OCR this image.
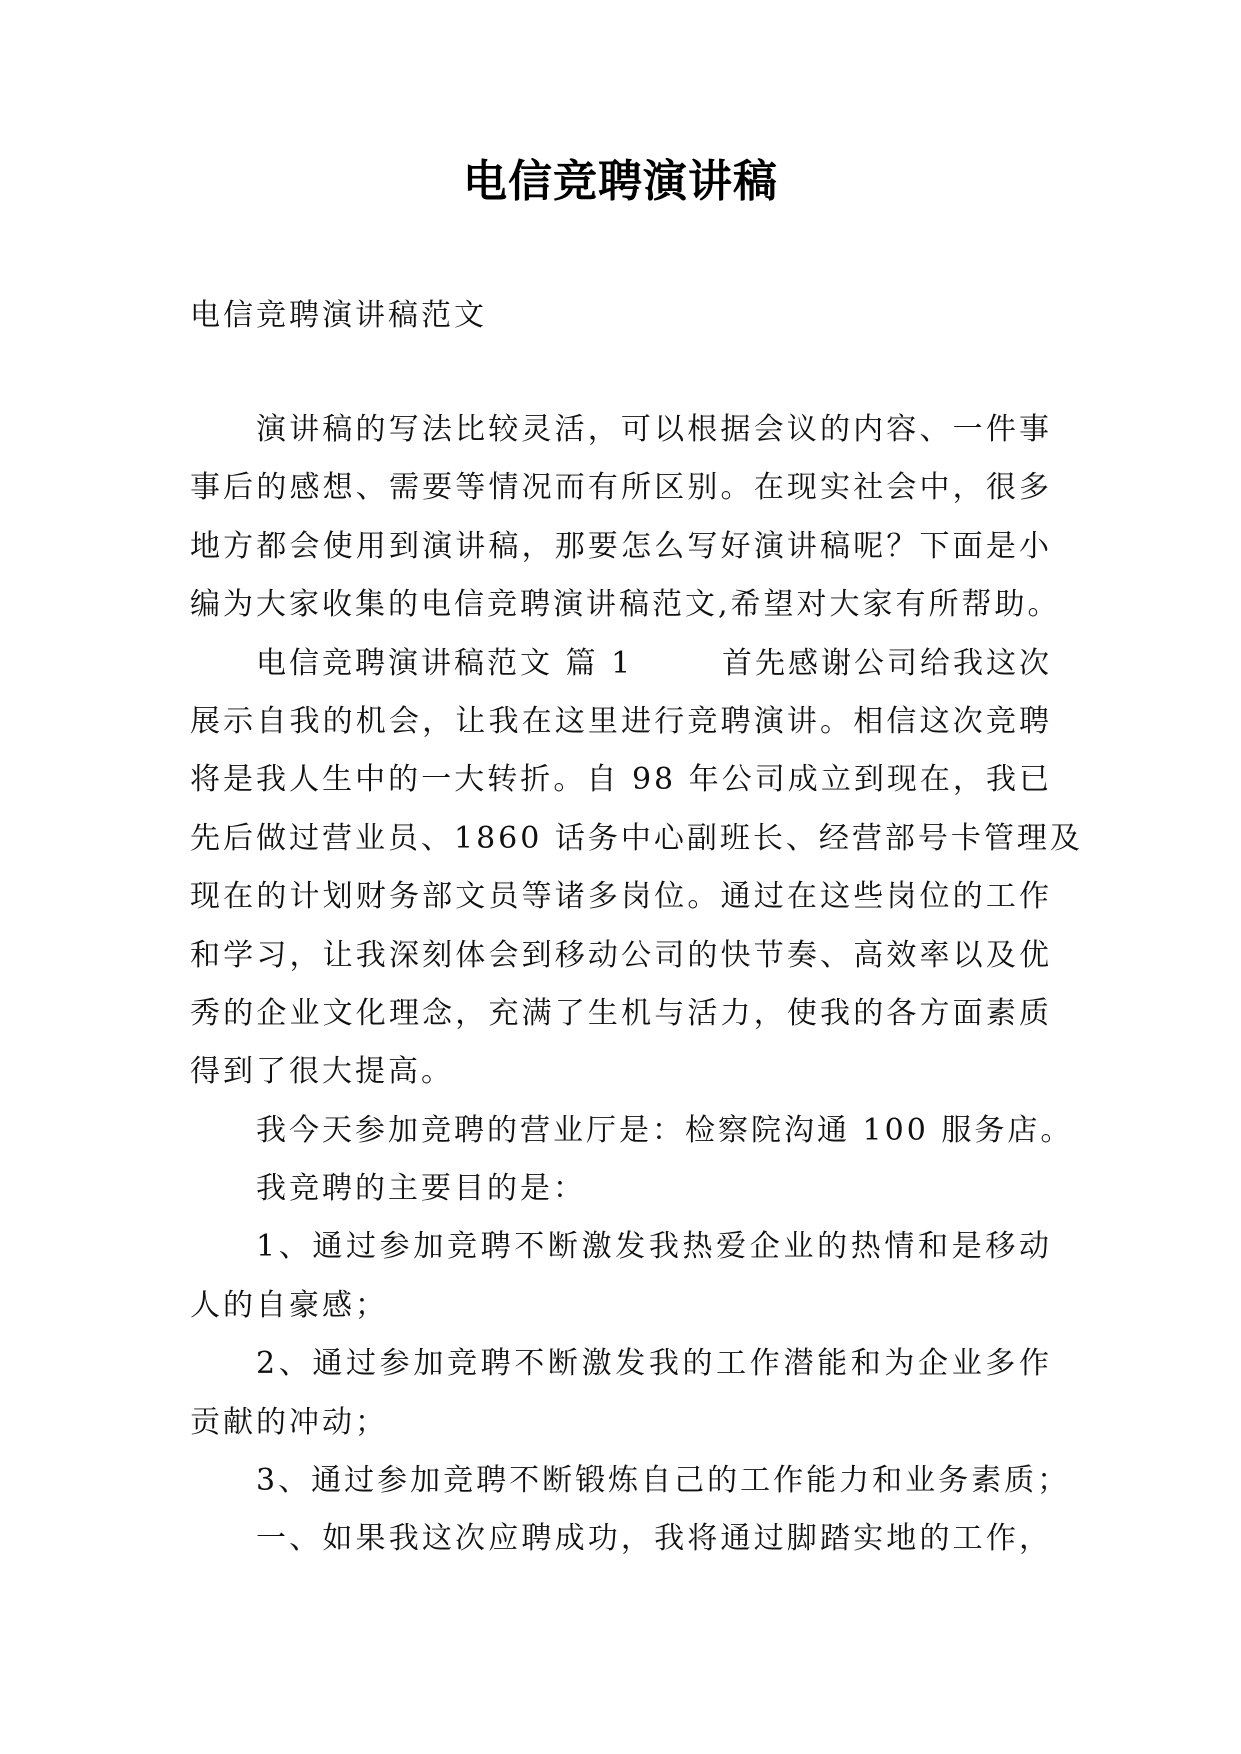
电信竞聘演讲稿
电信竞聘演讲稿范文
演讲稿的写法比较灵活，可以根据会议的内容、一件事
事后的感想、需要等情况而有所区别。在现实社会中，很多
地方都会使用到演讲稿，那要怎么写好演讲稿呢？下面是小
编为大家收集的电信竞聘演讲稿范文,希望对大家有所帮助。
电信竞聘演讲稿范文 篇 1	首先感谢公司给我这次
展示自我的机会，让我在这里进行竞聘演讲。相信这次竞聘
将是我人生中的一大转折。自 98 年公司成立到现在，我已
先后做过营业员、1860 话务中心副班长、经营部号卡管理及
现在的计划财务部文员等诸多岗位。通过在这些岗位的工作
和学习，让我深刻体会到移动公司的快节奏、高效率以及优
秀的企业文化理念，充满了生机与活力，使我的各方面素质
得到了很大提高。
我今天参加竞聘的营业厅是：检察院沟通 100 服务店。
我竞聘的主要目的是：
1、通过参加竞聘不断激发我热爱企业的热情和是移动
人的自豪感；
2、通过参加竞聘不断激发我的工作潜能和为企业多作
贡献的冲动；
3、通过参加竞聘不断锻炼自己的工作能力和业务素质；
一、如果我这次应聘成功，我将通过脚踏实地的工作，
